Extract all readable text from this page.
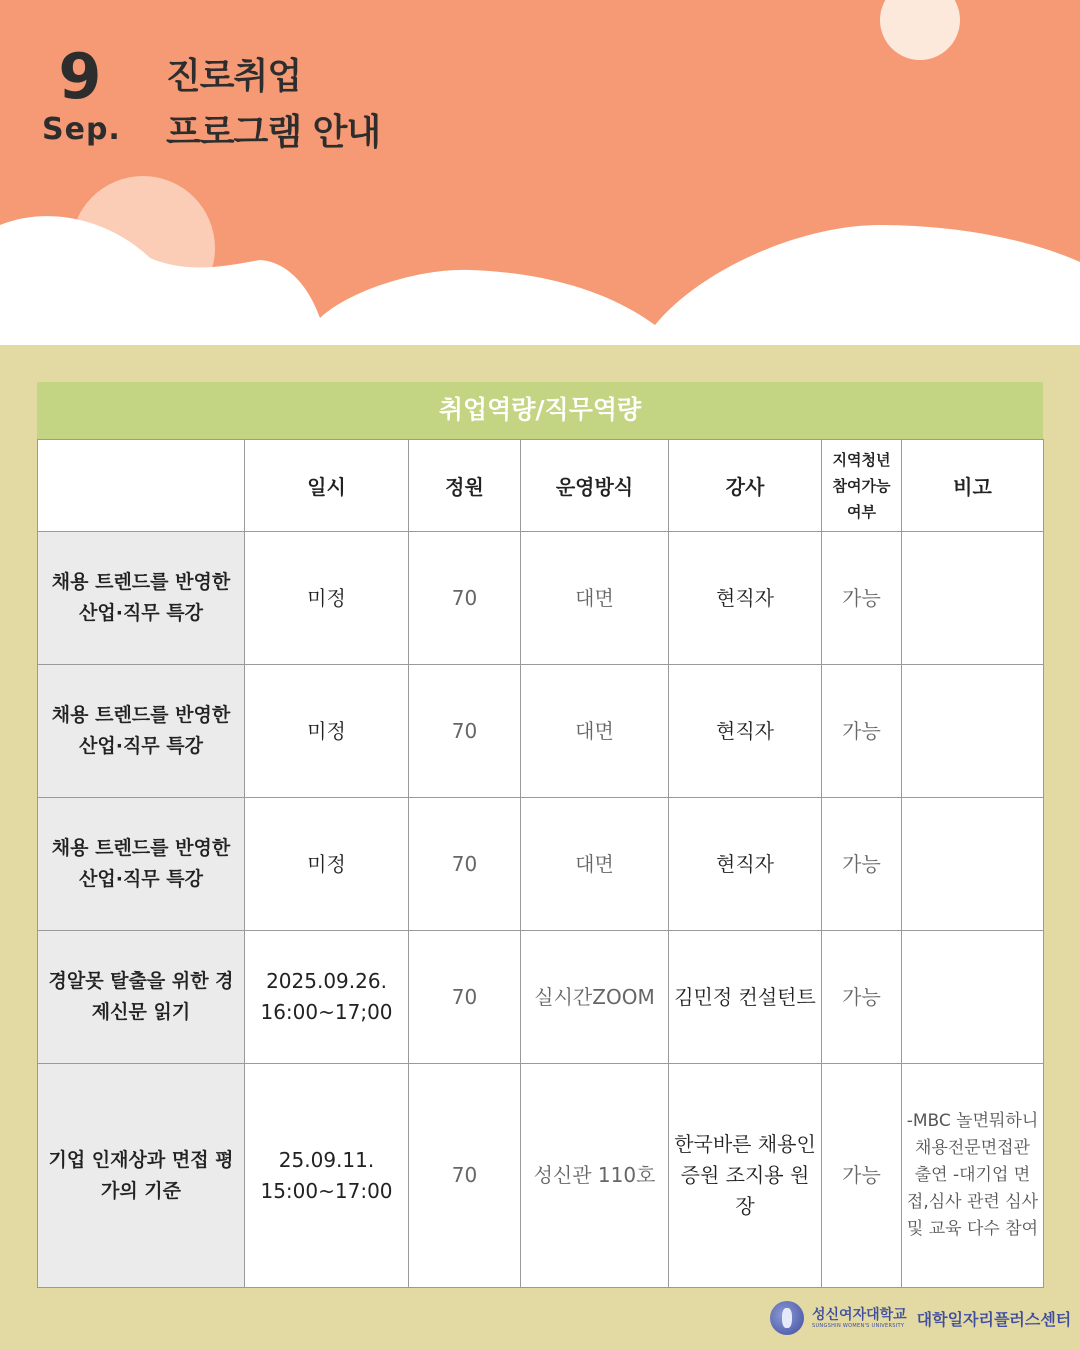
9
Sep.
진로취업
프로그램 안내
취업역량/직무역량
	일시	정원	운영방식	강사	지역청년 참여가능 여부	비고
채용 트렌드를 반영한 산업·직무 특강	미정	70	대면	현직자	가능	
채용 트렌드를 반영한 산업·직무 특강	미정	70	대면	현직자	가능	
채용 트렌드를 반영한 산업·직무 특강	미정	70	대면	현직자	가능	
경알못 탈출을 위한 경제신문 읽기	2025.09.26. 16:00~17;00	70	실시간ZOOM	김민정 컨설턴트	가능	
기업 인재상과 면접 평가의 기준	25.09.11. 15:00~17:00	70	성신관 110호	한국바른 채용인증원 조지용 원장	가능	-MBC 놀면뭐하니 채용전문면접관 출연 -대기업 면접,심사 관련 심사 및 교육 다수 참여
성신여자대학교
SUNGSHIN WOMEN'S UNIVERSITY 대학일자리플러스센터
